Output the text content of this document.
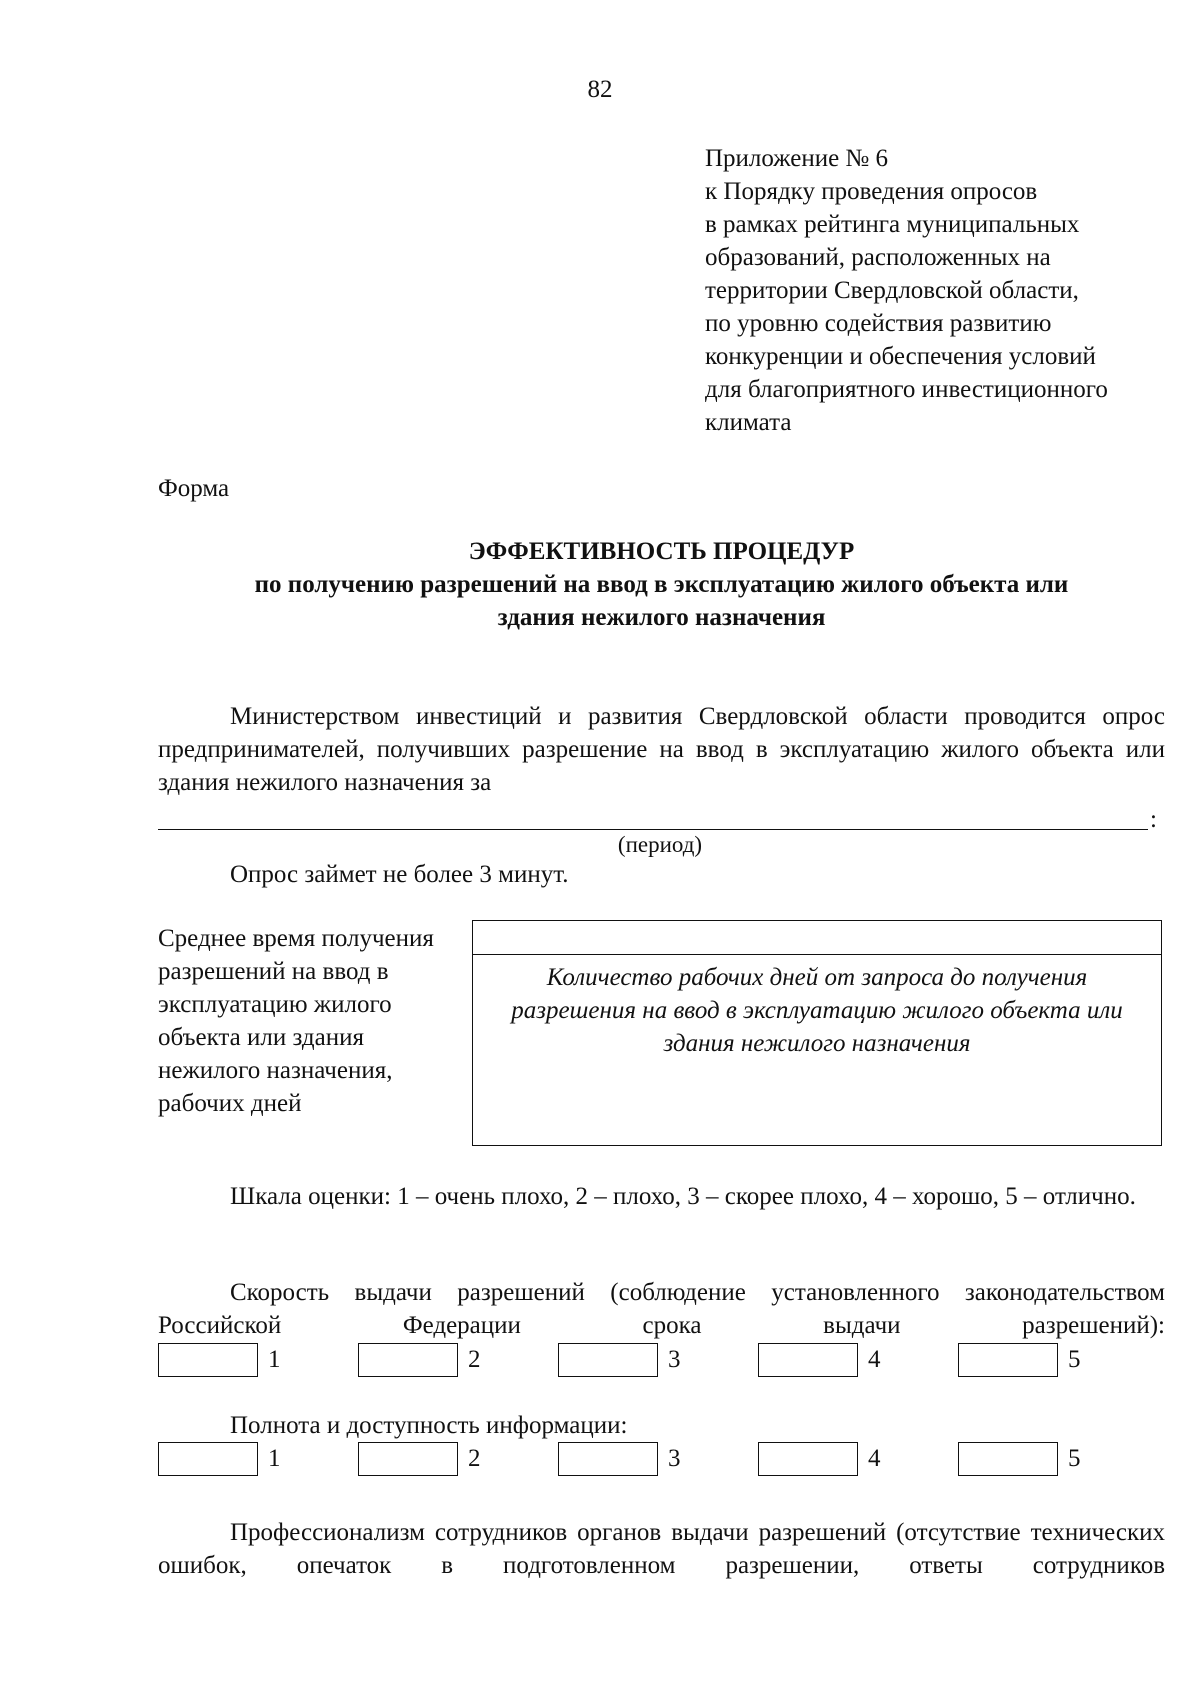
82
Приложение № 6
к Порядку проведения опросов
в рамках рейтинга муниципальных
образований, расположенных на
территории Свердловской области,
по уровню содействия развитию
конкуренции и обеспечения условий
для благоприятного инвестиционного
климата
Форма
ЭФФЕКТИВНОСТЬ ПРОЦЕДУР
по получению разрешений на ввод в эксплуатацию жилого объекта или
здания нежилого назначения
Министерством инвестиций и развития Свердловской области проводится опрос предпринимателей, получивших разрешение на ввод в эксплуатацию жилого объекта или здания нежилого назначения за
:
(период)
Опрос займет не более 3 минут.
Среднее время получения разрешений на ввод в эксплуатацию жилого объекта или здания нежилого назначения, рабочих дней
Количество рабочих дней от запроса до получения разрешения на ввод в эксплуатацию жилого объекта или здания нежилого назначения
Шкала оценки: 1 – очень плохо, 2 – плохо, 3 – скорее плохо, 4 – хорошо, 5 – отлично.
Скорость выдачи разрешений (соблюдение установленного законодательством Российской Федерации срока выдачи разрешений):
1	2	3	4	5
Полнота и доступность информации:
1	2	3	4	5
Профессионализм сотрудников органов выдачи разрешений (отсутствие технических ошибок, опечаток в подготовленном разрешении, ответы сотрудников
